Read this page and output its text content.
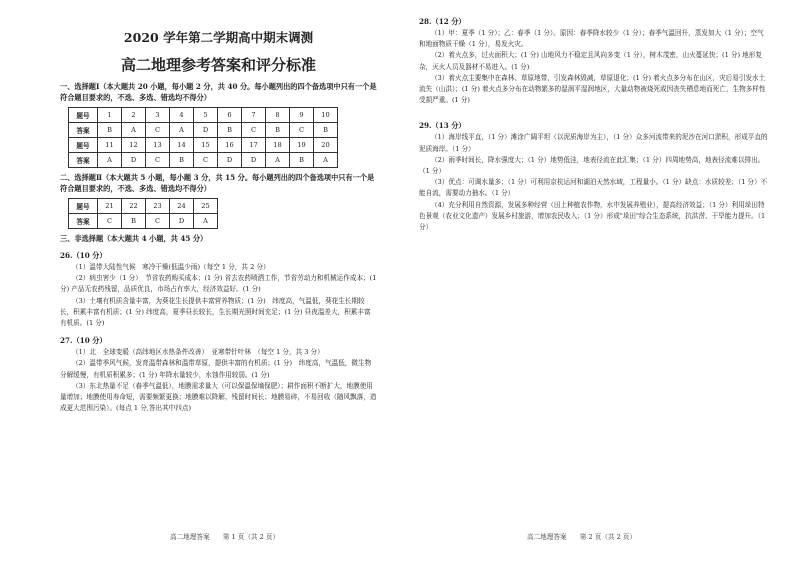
2020 学年第二学期高中期末调测
高二地理参考答案和评分标准
一、选择题Ⅰ（本大题共 20 小题，每小题 2 分，共 40 分。每小题列出的四个备选项中只有一个是符合题目要求的，不选、多选、错选均不得分）
题号	1	2	3	4	5	6	7	8	9	10
答案	B	A	C	A	D	B	C	B	C	B
题号	11	12	13	14	15	16	17	18	19	20
答案	A	D	C	B	C	D	D	A	B	A
二、选择题Ⅱ（本大题共 5 小题，每小题 3 分，共 15 分。每小题列出的四个备选项中只有一个是符合题目要求的，不选、多选、错选均不得分）
题号	21	22	23	24	25
答案	C	B	C	D	A
三、非选择题（本大题共 4 小题，共 45 分）
26.（10 分）

（1）温带大陆性气候　寒冷干燥(低温少雨)（每空 1 分，共 2 分）

（2）病虫害少（1 分）　节省农药购买成本；(1 分) 省去农药喷洒工作，节省劳动力和机械运作成本；(1 分) 产品无农药残留，品质优良，市场占有率大，经济效益好。(1 分)

（3）土壤有机质含量丰富，为葵花生长提供丰富营养物质；(1 分)　纬度高，气温低，葵花生长期较长，积累丰富有机质；(1 分) 纬度高，夏季昼长较长，生长期光照时间充足；(1 分) 昼夜温差大，积累丰富有机质。(1 分)

27.（10 分）

（1）北　全球变暖（高纬地区水热条件改善）　亚寒带针叶林　（每空 1 分，共 3 分）

（2）温带季风气候，发育温带森林和温带草原，提供丰富的有机质；(1 分)　纬度高，气温低，微生物分解缓慢，有机质积累多；(1 分) 年降水量较少，水蚀作用较弱。(1 分)

（3）东北热量不足（春季气温低），地膜需求量大（可以保温保墒保肥）；耕作面积不断扩大，地膜使用量增加；地膜使用寿命短，需要频繁更换；地膜难以降解，残留时间长；地膜易碎，不易回收（随风飘落，造成更大范围污染）。(每点 1 分,答出其中四点)

高二地理答案　　第 1 页（共 2 页）
28.（12 分）

（1）甲：夏季（1 分）；乙：春季（1 分）。原因：春季降水较少（1 分）；春季气温回升，蒸发加大（1 分）；空气和地面物质干燥（1 分），易发火灾。

（2）着火点多，过火面积大；(1 分) 山地风力不稳定且风向多变（1 分），树木茂密，山火蔓延快；(1 分) 地形复杂，灭火人员及器材不易进入。(1 分)

（3）着火点主要集中在森林、草原地带，引发森林毁减，草原退化；(1 分) 着火点多分布在山区，灾后易引发水土流失（山洪）；(1 分) 着火点多分布在动物繁多的湿润平湿润地区，大量动物被烧死或因丧失栖息地而死亡，生物多样性受损严重。(1 分)

29.（13 分）

（1）海岸线平直，（1 分）滩涂广阔平坦（以泥质海岸为主），（1 分）众多河流带来的泥沙在河口淤积，形成平直的泥质海岸。（1 分）

（2）雨季时间长，降水强度大；（1 分）地势低洼，地表径流在此汇集；（1 分）四周地势高，地表径流难以排出。（1 分）

（3）优点：可调水量多；（1 分）可利用京杭运河和湖泊天然水域，工程量小。（1 分）缺点：水质较差；（1 分）不能自流，需要动力抽水。（1 分）

（4）充分利用自然资源，发展多种经营（田上种植农作物，水中发展养殖业），提高经济效益；（1 分）利用垛田特色景观（农业文化遗产）发展乡村旅游，增加农民收入；（1 分）形成"垛田"综合生态系统，抗洪涝、干旱能力提升。（1 分）

高二地理答案　　第 2 页（共 2 页）
